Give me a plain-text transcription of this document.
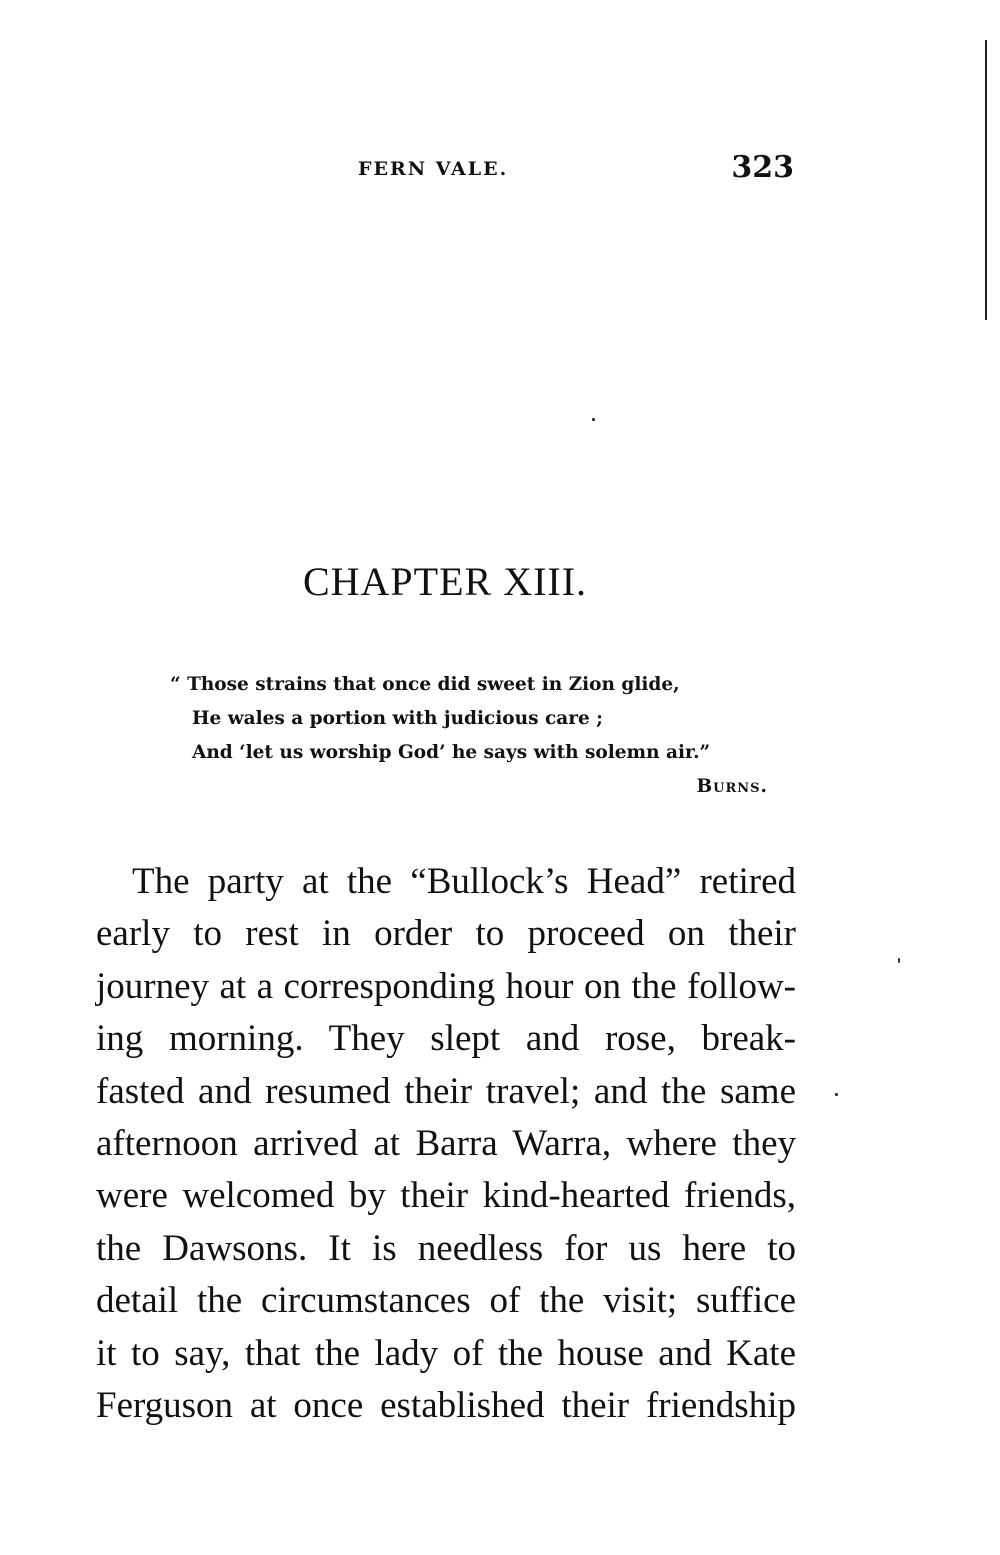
FERN VALE.	323
CHAPTER XIII.
“ Those strains that once did sweet in Zion glide,
He wales a portion with judicious care ;
And ‘let us worship God’ he says with solemn air.”
Burns.
The party at the “Bullock’s Head” retired
early to rest in order to proceed on their
journey at a corresponding hour on the follow-
ing morning. They slept and rose, break-
fasted and resumed their travel; and the same
afternoon arrived at Barra Warra, where they
were welcomed by their kind-hearted friends,
the Dawsons. It is needless for us here to
detail the circumstances of the visit; suffice
it to say, that the lady of the house and Kate
Ferguson at once established their friendship
